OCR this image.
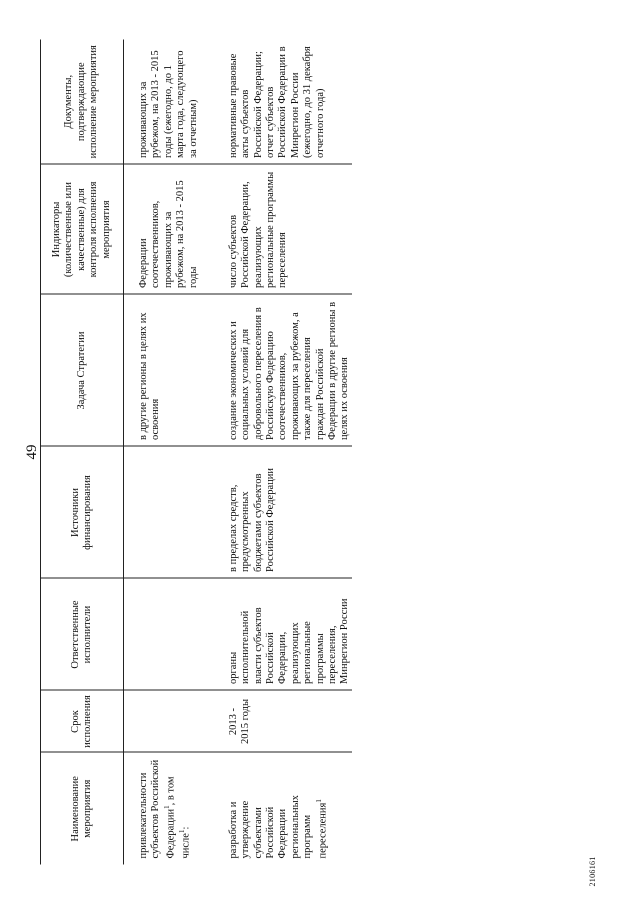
49
Наименование мероприятия	Срок исполнения	Ответственные исполнители	Источники финансирования	Задача Стратегии	Индикаторы (количественные или качественные) для контроля исполнения мероприятия	Документы, подтверждающие исполнение мероприятия
привлекательности субъектов Российской Федерации$^1$, в том числе$^1$:				в другие регионы в целях их освоения	Федерации соотечественников, проживающих за рубежом, на 2013 - 2015 годы	проживающих за рубежом, на 2013 - 2015 годы (ежегодно, до 1 марта года, следующего за отчетным)
разработка и утверждение субъектами Российской Федерации региональных программ переселения$^1$	2013 - 2015 годы	органы исполнительной власти субъектов Российской Федерации, реализующих региональные программы переселения, Минрегион России	в пределах средств, предусмотренных бюджетами субъектов Российской Федерации	создание экономических и социальных условий для добровольного переселения в Российскую Федерацию соотечественников, проживающих за рубежом, а также для переселения граждан Российской Федерации в другие регионы в целях их освоения	число субъектов Российской Федерации, реализующих региональные программы переселения	нормативные правовые акты субъектов Российской Федерации; отчет субъектов Российской Федерации в Минрегион России (ежегодно, до 31 декабря отчетного года)
2106161
